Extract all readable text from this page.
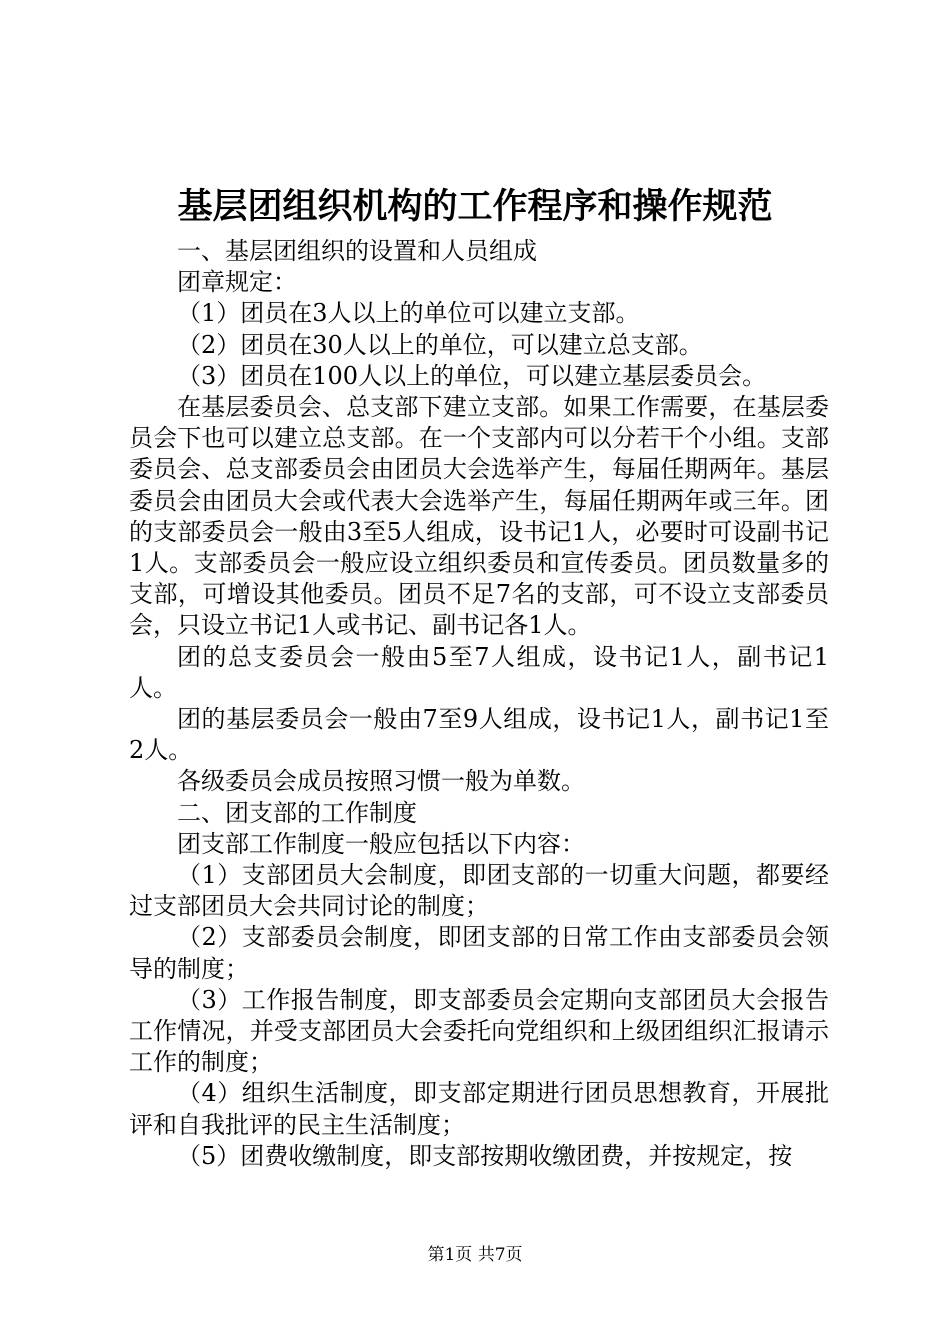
基层团组织机构的工作程序和操作规范

一、基层团组织的设置和人员组成

团章规定：

（1）团员在3人以上的单位可以建立支部。

（2）团员在30人以上的单位，可以建立总支部。

（3）团员在100人以上的单位，可以建立基层委员会。

在基层委员会、总支部下建立支部。如果工作需要，在基层委员会下也可以建立总支部。在一个支部内可以分若干个小组。支部委员会、总支部委员会由团员大会选举产生，每届任期两年。基层委员会由团员大会或代表大会选举产生，每届任期两年或三年。团的支部委员会一般由3至5人组成，设书记1人，必要时可设副书记1人。支部委员会一般应设立组织委员和宣传委员。团员数量多的支部，可增设其他委员。团员不足7名的支部，可不设立支部委员会，只设立书记1人或书记、副书记各1人。

团的总支委员会一般由5至7人组成，设书记1人，副书记1人。

团的基层委员会一般由7至9人组成，设书记1人，副书记1至2人。

各级委员会成员按照习惯一般为单数。

二、团支部的工作制度

团支部工作制度一般应包括以下内容：

（1）支部团员大会制度，即团支部的一切重大问题，都要经过支部团员大会共同讨论的制度；

（2）支部委员会制度，即团支部的日常工作由支部委员会领导的制度；

（3）工作报告制度，即支部委员会定期向支部团员大会报告工作情况，并受支部团员大会委托向党组织和上级团组织汇报请示工作的制度；

（4）组织生活制度，即支部定期进行团员思想教育，开展批评和自我批评的民主生活制度；

（5）团费收缴制度，即支部按期收缴团费，并按规定，按

第1页 共7页
